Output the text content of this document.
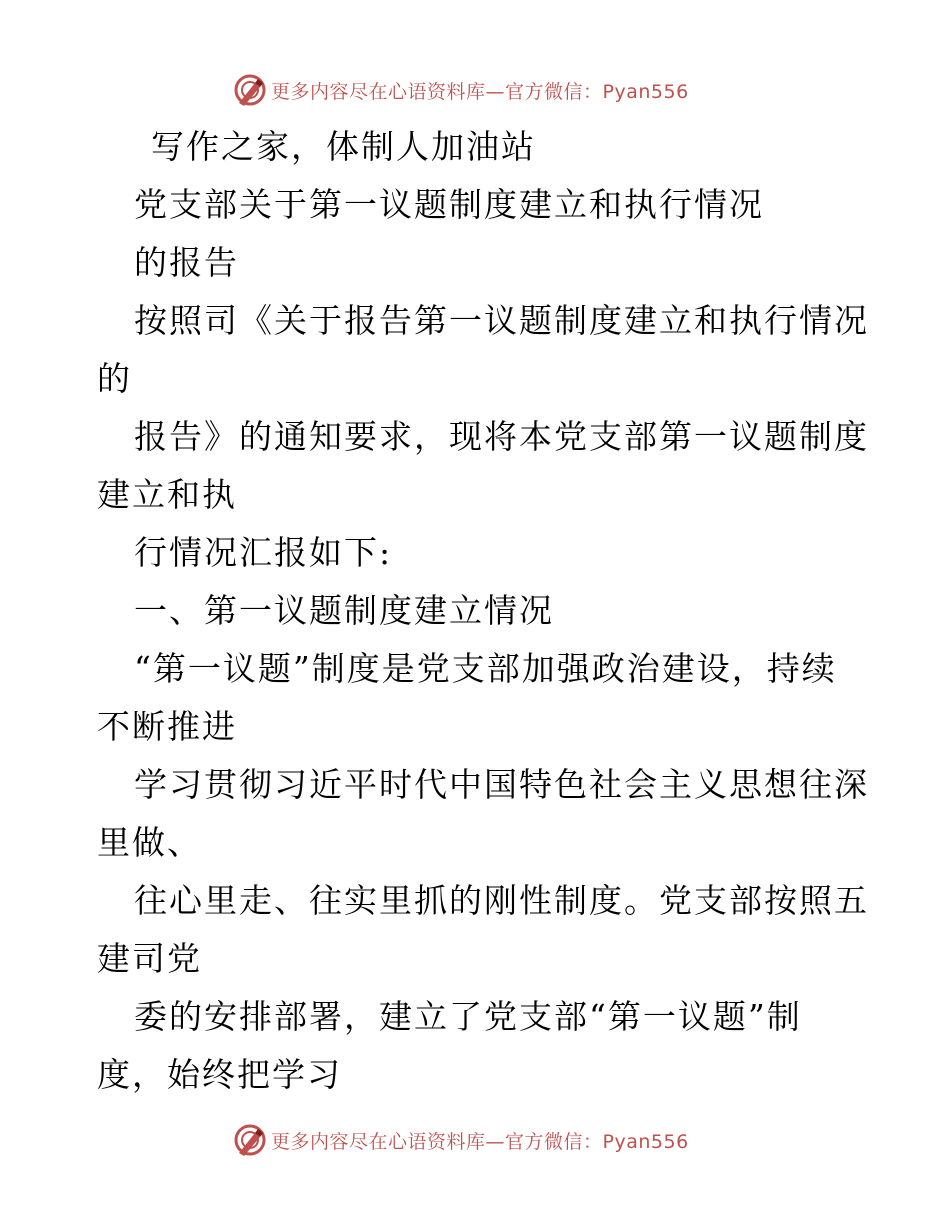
更多内容尽在心语资料库—官方微信：Pyan556
写作之家，体制人加油站
党支部关于第一议题制度建立和执行情况
的报告
按照司《关于报告第一议题制度建立和执行情况
的
报告》的通知要求，现将本党支部第一议题制度
建立和执
行情况汇报如下:
一、第一议题制度建立情况
“第一议题”制度是党支部加强政治建设，持续
不断推进
学习贯彻习近平时代中国特色社会主义思想往深
里做、
往心里走、往实里抓的刚性制度。党支部按照五
建司党
委的安排部署，建立了党支部“第一议题”制
度，始终把学习
更多内容尽在心语资料库—官方微信：Pyan556
